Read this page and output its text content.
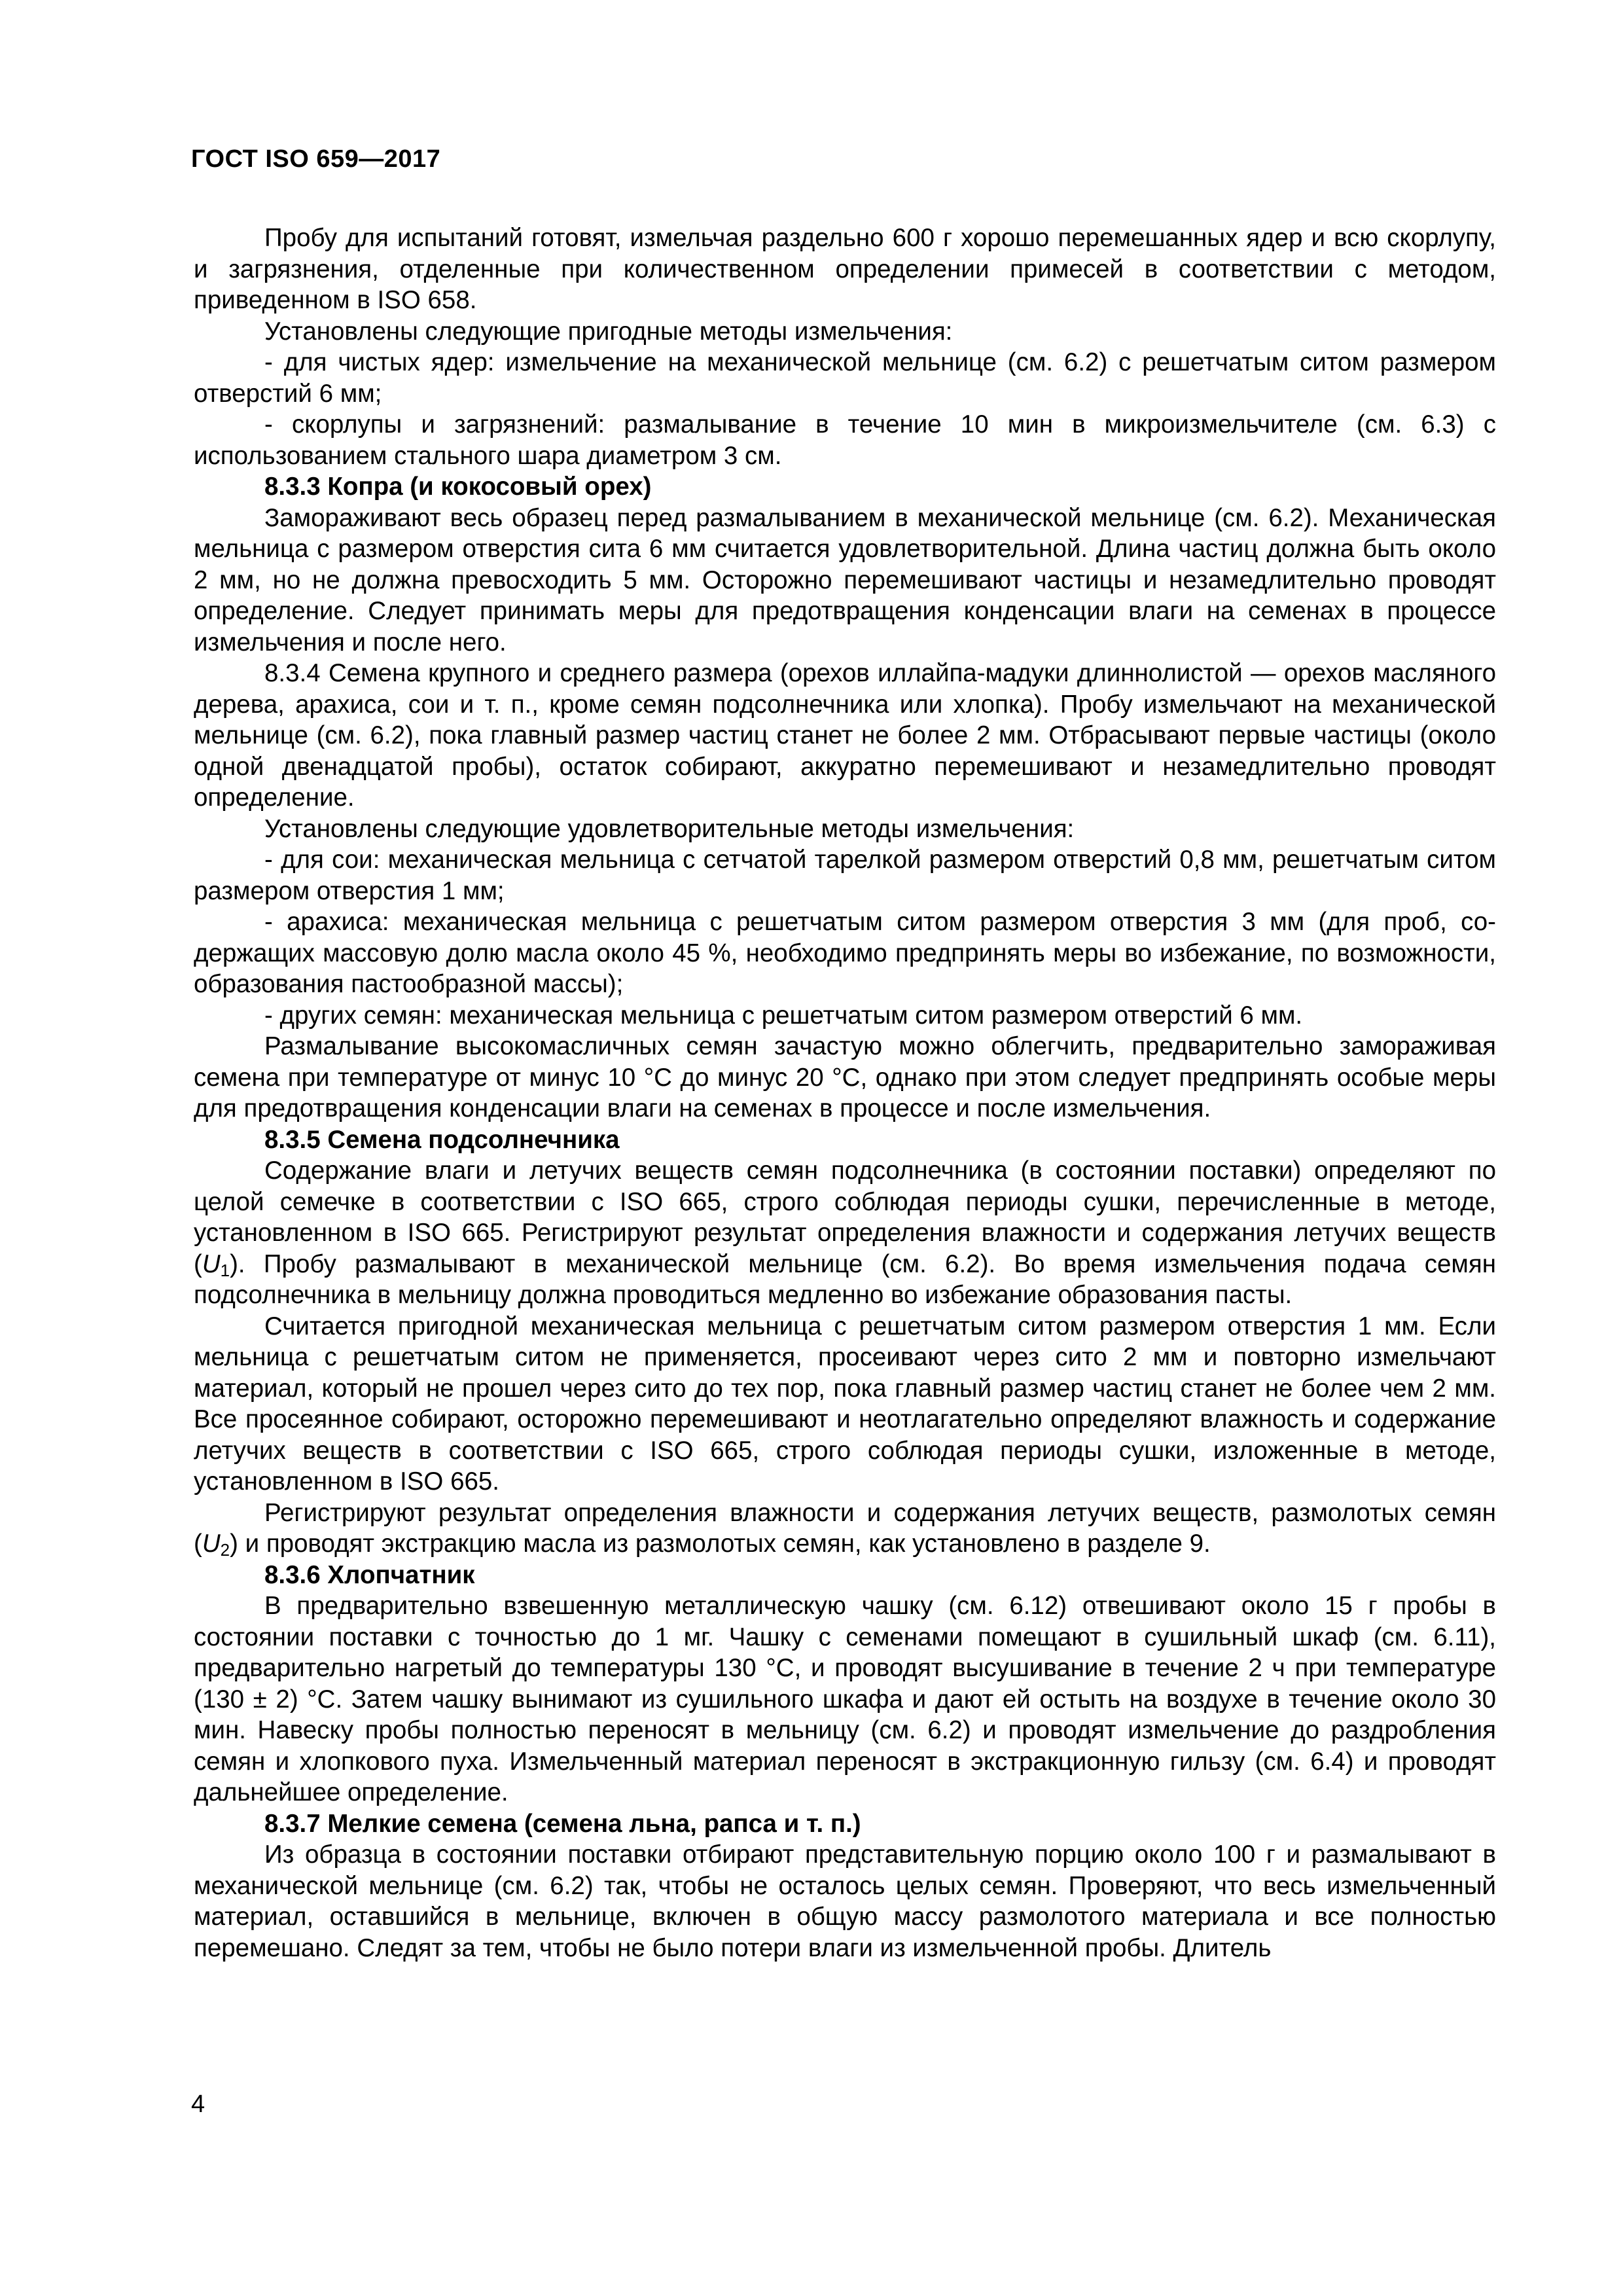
ГОСТ ISO 659—2017

Пробу для испытаний готовят, измельчая раздельно 600 г хорошо перемешанных ядер и всю скорлупу, и загрязнения, отделенные при количественном определении примесей в соответствии с методом, приведенном в ISO 658.

Установлены следующие пригодные методы измельчения:

- для чистых ядер: измельчение на механической мельнице (см. 6.2) с решетчатым ситом размером отверстий 6 мм;

- скорлупы и загрязнений: размалывание в течение 10 мин в микроизмельчителе (см. 6.3) с использованием стального шара диаметром 3 см.

8.3.3 Копра (и кокосовый орех)

Замораживают весь образец перед размалыванием в механической мельнице (см. 6.2). Механическая мельница с размером отверстия сита 6 мм считается удовлетворительной. Длина частиц должна быть около 2 мм, но не должна превосходить 5 мм. Осторожно перемешивают частицы и незамедлительно проводят определение. Следует принимать меры для предотвращения конденсации влаги на семенах в процессе измельчения и после него.

8.3.4 Семена крупного и среднего размера (орехов иллайпа-мадуки длиннолистой — орехов масляного дерева, арахиса, сои и т. п., кроме семян подсолнечника или хлопка). Пробу измельчают на механической мельнице (см. 6.2), пока главный размер частиц станет не более 2 мм. Отбрасывают первые частицы (около одной двенадцатой пробы), остаток собирают, аккуратно перемешивают и незамедлительно проводят определение.

Установлены следующие удовлетворительные методы измельчения:

- для сои: механическая мельница с сетчатой тарелкой размером отверстий 0,8 мм, решетчатым ситом размером отверстия 1 мм;

- арахиса: механическая мельница с решетчатым ситом размером отверстия 3 мм (для проб, содержащих массовую долю масла около 45 %, необходимо предпринять меры во избежание, по возможности, образования пастообразной массы);

- других семян: механическая мельница с решетчатым ситом размером отверстий 6 мм.

Размалывание высокомасличных семян зачастую можно облегчить, предварительно замораживая семена при температуре от минус 10 °С до минус 20 °С, однако при этом следует предпринять особые меры для предотвращения конденсации влаги на семенах в процессе и после измельчения.

8.3.5 Семена подсолнечника

Содержание влаги и летучих веществ семян подсолнечника (в состоянии поставки) определяют по целой семечке в соответствии с ISO 665, строго соблюдая периоды сушки, перечисленные в методе, установленном в ISO 665. Регистрируют результат определения влажности и содержания летучих веществ $(U_1)$. Пробу размалывают в механической мельнице (см. 6.2). Во время измельчения подача семян подсолнечника в мельницу должна проводиться медленно во избежание образования пасты.

Считается пригодной механическая мельница с решетчатым ситом размером отверстия 1 мм. Если мельница с решетчатым ситом не применяется, просеивают через сито 2 мм и повторно измельчают материал, который не прошел через сито до тех пор, пока главный размер частиц станет не более чем 2 мм. Все просеянное собирают, осторожно перемешивают и неотлагательно определяют влажность и содержание летучих веществ в соответствии с ISO 665, строго соблюдая периоды сушки, изложенные в методе, установленном в ISO 665.

Регистрируют результат определения влажности и содержания летучих веществ, размолотых семян $(U_2)$ и проводят экстракцию масла из размолотых семян, как установлено в разделе 9.

8.3.6 Хлопчатник

В предварительно взвешенную металлическую чашку (см. 6.12) отвешивают около 15 г пробы в состоянии поставки с точностью до 1 мг. Чашку с семенами помещают в сушильный шкаф (см. 6.11), предварительно нагретый до температуры 130 °С, и проводят высушивание в течение 2 ч при температуре (130 ± 2) °С. Затем чашку вынимают из сушильного шкафа и дают ей остыть на воздухе в течение около 30 мин. Навеску пробы полностью переносят в мельницу (см. 6.2) и проводят измельчение до раздробления семян и хлопкового пуха. Измельченный материал переносят в экстракционную гильзу (см. 6.4) и проводят дальнейшее определение.

8.3.7 Мелкие семена (семена льна, рапса и т. п.)

Из образца в состоянии поставки отбирают представительную порцию около 100 г и размалывают в механической мельнице (см. 6.2) так, чтобы не осталось целых семян. Проверяют, что весь измельченный материал, оставшийся в мельнице, включен в общую массу размолотого материала и все полностью перемешано. Следят за тем, чтобы не было потери влаги из измельченной пробы. Длитель

4
